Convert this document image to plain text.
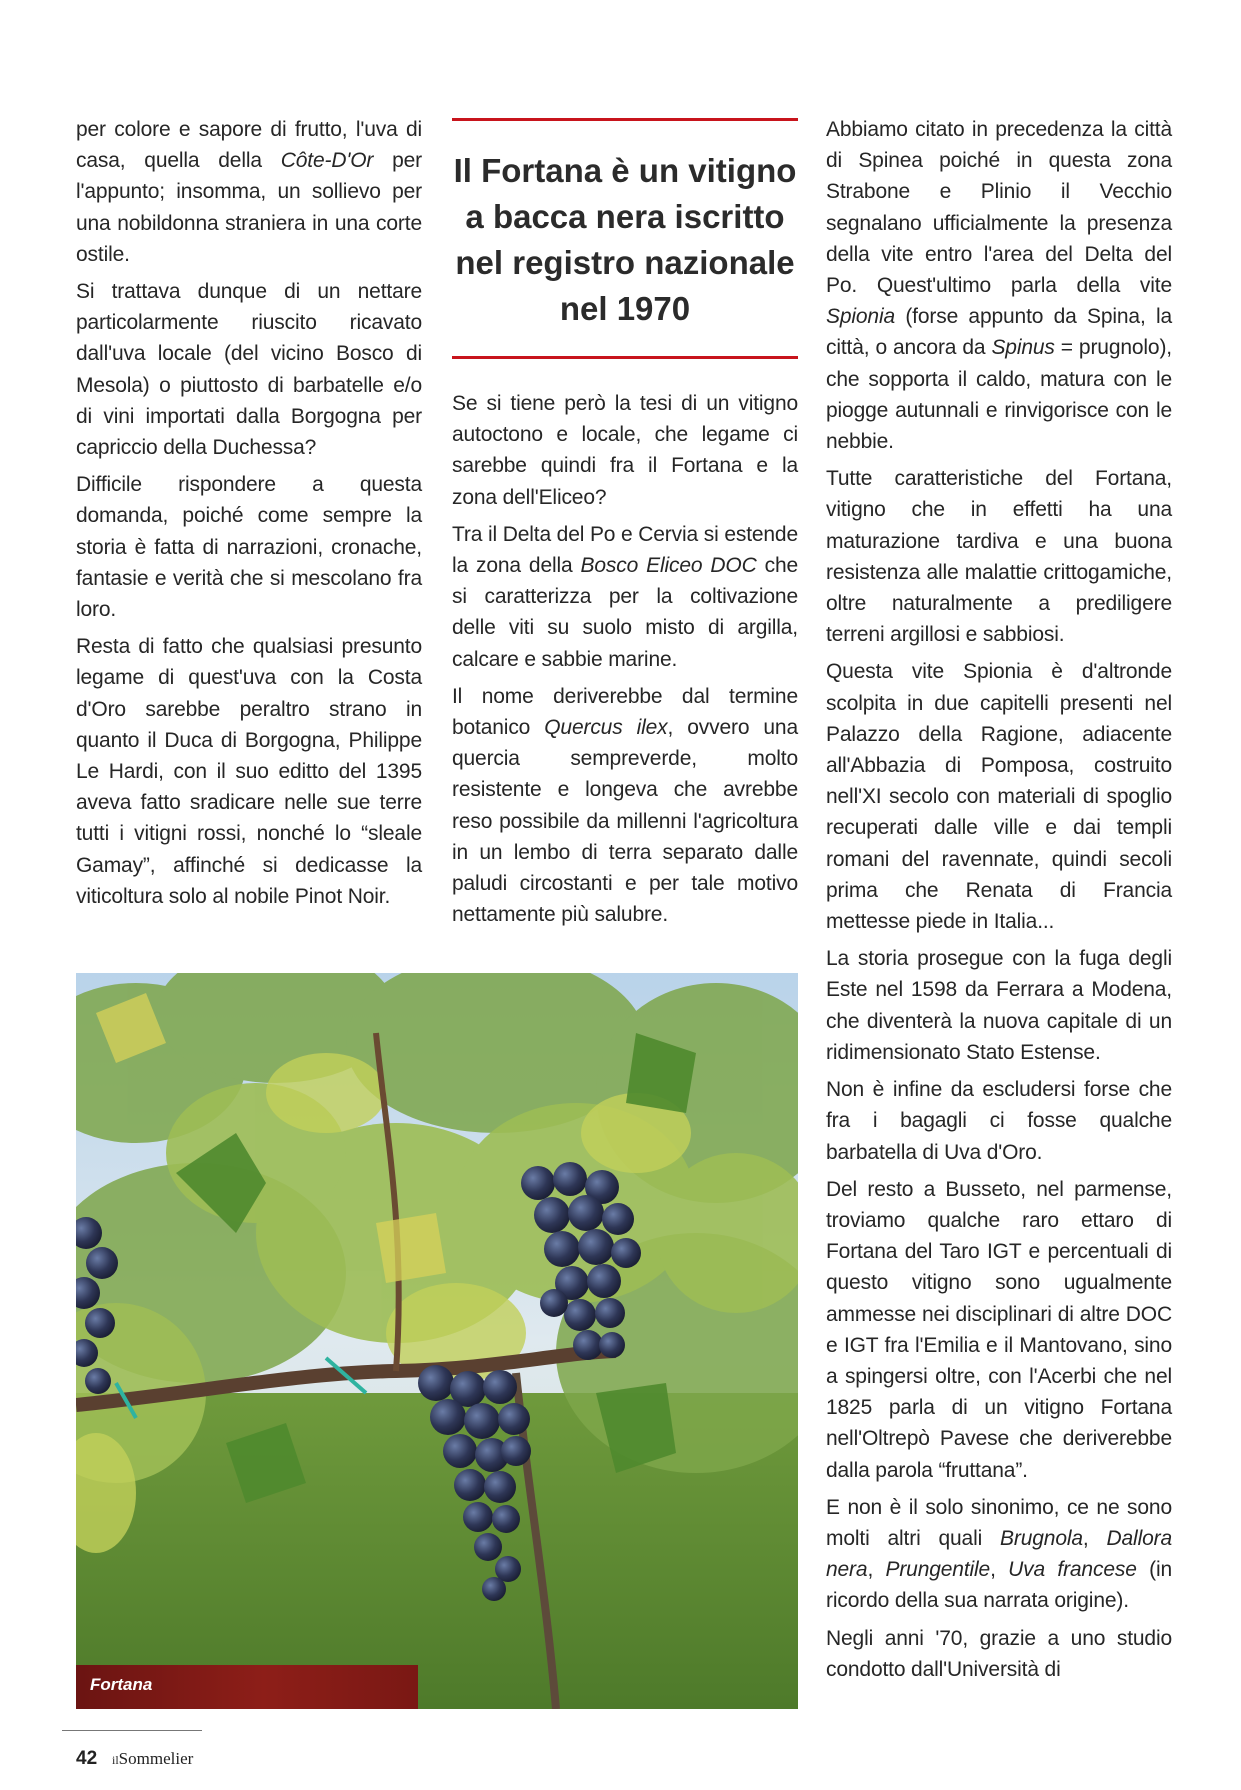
per colore e sapore di frutto, l'uva di casa, quella della Côte-D'Or per l'appunto; insomma, un sollievo per una nobildonna straniera in una corte ostile.

Si trattava dunque di un nettare particolarmente riuscito ricavato dall'uva locale (del vicino Bosco di Mesola) o piuttosto di barbatelle e/o di vini importati dalla Borgogna per capriccio della Duchessa?

Difficile rispondere a questa domanda, poiché come sempre la storia è fatta di narrazioni, cronache, fantasie e verità che si mescolano fra loro.

Resta di fatto che qualsiasi presunto legame di quest'uva con la Costa d'Oro sarebbe peraltro strano in quanto il Duca di Borgogna, Philippe Le Hardi, con il suo editto del 1395 aveva fatto sradicare nelle sue terre tutti i vitigni rossi, nonché lo “sleale Gamay”, affinché si dedicasse la viticoltura solo al nobile Pinot Noir.

Il Fortana è un vitigno a bacca nera iscritto nel registro nazionale nel 1970

Se si tiene però la tesi di un vitigno autoctono e locale, che legame ci sarebbe quindi fra il Fortana e la zona dell'Eliceo?

Tra il Delta del Po e Cervia si estende la zona della Bosco Eliceo DOC che si caratterizza per la coltivazione delle viti su suolo misto di argilla, calcare e sabbie marine.

Il nome deriverebbe dal termine botanico Quercus ilex, ovvero una quercia sempreverde, molto resistente e longeva che avrebbe reso possibile da millenni l'agricoltura in un lembo di terra separato dalle paludi circostanti e per tale motivo nettamente più salubre.

Abbiamo citato in precedenza la città di Spinea poiché in questa zona Strabone e Plinio il Vecchio segnalano ufficialmente la presenza della vite entro l'area del Delta del Po. Quest'ultimo parla della vite Spionia (forse appunto da Spina, la città, o ancora da Spinus = prugnolo), che sopporta il caldo, matura con le piogge autunnali e rinvigorisce con le nebbie.

Tutte caratteristiche del Fortana, vitigno che in effetti ha una maturazione tardiva e una buona resistenza alle malattie crittogamiche, oltre naturalmente a prediligere terreni argillosi e sabbiosi.

Questa vite Spionia è d'altronde scolpita in due capitelli presenti nel Palazzo della Ragione, adiacente all'Abbazia di Pomposa, costruito nell'XI secolo con materiali di spoglio recuperati dalle ville e dai templi romani del ravennate, quindi secoli prima che Renata di Francia mettesse piede in Italia...

La storia prosegue con la fuga degli Este nel 1598 da Ferrara a Modena, che diventerà la nuova capitale di un ridimensionato Stato Estense.

Non è infine da escludersi forse che fra i bagagli ci fosse qualche barbatella di Uva d'Oro.

Del resto a Busseto, nel parmense, troviamo qualche raro ettaro di Fortana del Taro IGT e percentuali di questo vitigno sono ugualmente ammesse nei disciplinari di altre DOC e IGT fra l'Emilia e il Mantovano, sino a spingersi oltre, con l'Acerbi che nel 1825 parla di un vitigno Fortana nell'Oltrepò Pavese che deriverebbe dalla parola “fruttana”.

E non è il solo sinonimo, ce ne sono molti altri quali Brugnola, Dallora nera, Prungentile, Uva francese (in ricordo della sua narrata origine).

Negli anni '70, grazie a uno studio condotto dall'Università di

Fortana
42 ilSommelier
